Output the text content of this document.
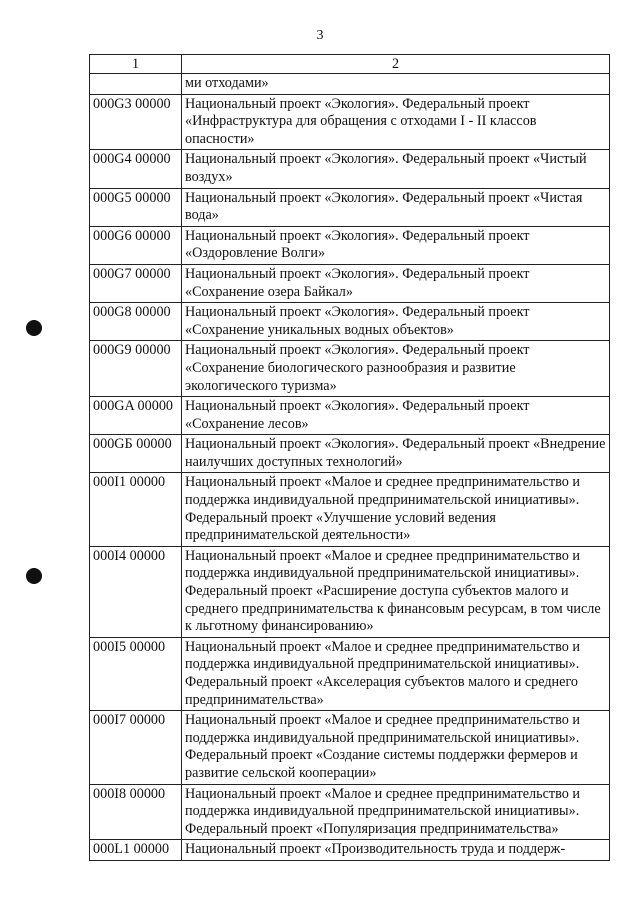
3
1	2
	ми отходами»
000G3 00000	Национальный проект «Экология». Федеральный проект «Инфраструктура для обращения с отходами I - II классов опасности»
000G4 00000	Национальный проект «Экология». Федеральный проект «Чистый воздух»
000G5 00000	Национальный проект «Экология». Федеральный проект «Чистая вода»
000G6 00000	Национальный проект «Экология». Федеральный проект «Оздоровление Волги»
000G7 00000	Национальный проект «Экология». Федеральный проект «Сохранение озера Байкал»
000G8 00000	Национальный проект «Экология». Федеральный проект «Сохранение уникальных водных объектов»
000G9 00000	Национальный проект «Экология». Федеральный проект «Сохранение биологического разнообразия и развитие экологического туризма»
000GA 00000	Национальный проект «Экология». Федеральный проект «Сохранение лесов»
000GБ 00000	Национальный проект «Экология». Федеральный проект «Внедрение наилучших доступных технологий»
000I1 00000	Национальный проект «Малое и среднее предпринимательство и поддержка индивидуальной предпринимательской инициативы». Федеральный проект «Улучшение условий ведения предпринимательской деятельности»
000I4 00000	Национальный проект «Малое и среднее предпринимательство и поддержка индивидуальной предпринимательской инициативы». Федеральный проект «Расширение доступа субъектов малого и среднего предпринимательства к финансовым ресурсам, в том числе к льготному финансированию»
000I5 00000	Национальный проект «Малое и среднее предпринимательство и поддержка индивидуальной предпринимательской инициативы». Федеральный проект «Акселерация субъектов малого и среднего предпринимательства»
000I7 00000	Национальный проект «Малое и среднее предпринимательство и поддержка индивидуальной предпринимательской инициативы». Федеральный проект «Создание системы поддержки фермеров и развитие сельской кооперации»
000I8 00000	Национальный проект «Малое и среднее предпринимательство и поддержка индивидуальной предпринимательской инициативы». Федеральный проект «Популяризация предпринимательства»
000L1 00000	Национальный проект «Производительность труда и поддерж-
